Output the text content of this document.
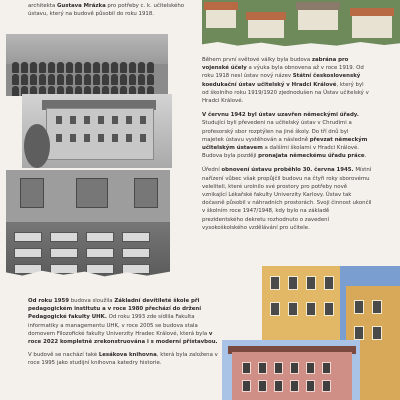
architekta Gustava Mrázka pro potřeby c. k. učitelského
ústavu, který na budově působil do roku 1918.

Během první světové války byla budova zabrána pro vojenské účely a výuka byla obnovena až v roce 1919. Od roku 1918 nesl ústav nový název Státní československý koedukační ústav učitelský v Hradci Králové, který byl od školního roku 1919/1920 zjednodušen na Ústav učitelský v Hradci Králové.

V červnu 1942 byl ústav uzavřen německými úřady. Studující byli převedeni na učitelský ústav v Chrudimi a profesorský sbor rozptýlen na jiné školy. Do tří dnů byl majetek ústavu vystěhován a následně převzat německým učitelským ústavem a dalšími školami v Hradci Králové. Budova byla později pronajata německému úřadu práce.

Úřední obnovení ústavu proběhlo 30. června 1945. Místní nařízení vůbec však propůjčil budovu na čtyři roky sborovému veleliteli, které urolnilo své prostory pro potřeby nově vznikající Lékařské fakulty Univerzity Karlovy. Ústav tak dočasně působil v náhradních prostorách. Svoji činnost ukončil v školním roce 1947/1948, kdy bylo na základě prezidentského dekretu rozhodnuto o zavedení vysokoškolského vzdělávání pro učitele.

Od roku 1959 budova sloužila Základní devítileté škole při pedagogickém institutu a v roce 1980 přechází do držení Pedagogické fakulty UHK. Od roku 1993 zde sídlila Fakulta informatiky a managementu UHK, v roce 2005 se budova stala domovem Filozofické fakulty Univerzity Hradec Králové, která byla v roce 2022 kompletně zrekonstruována i s moderní přístavbou.

V budově se nachází také Lesákova knihovna, která byla založena v roce 1995 jako studijní knihovna katedry historie.
